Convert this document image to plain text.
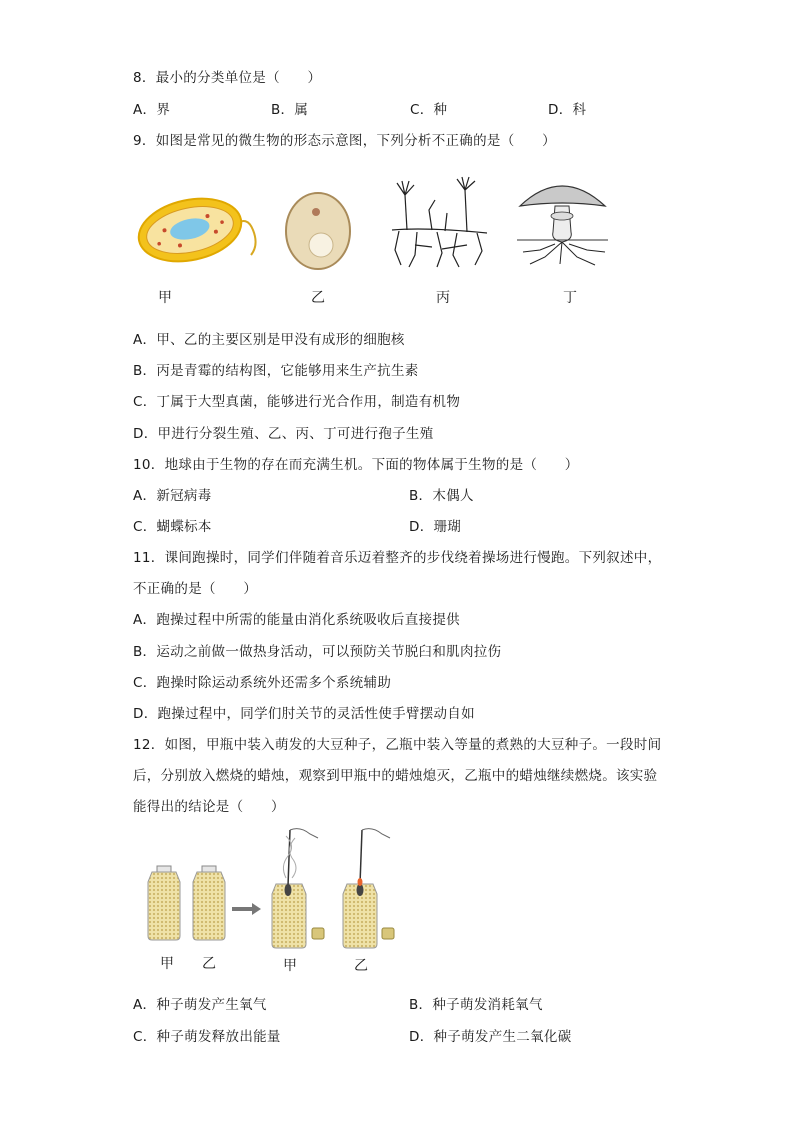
8．最小的分类单位是（　　）
A．界	B．属	C．种	D．科
9．如图是常见的微生物的形态示意图，下列分析不正确的是（　　）
甲	乙	丙	丁
A．甲、乙的主要区别是甲没有成形的细胞核
B．丙是青霉的结构图，它能够用来生产抗生素
C．丁属于大型真菌，能够进行光合作用，制造有机物
D．甲进行分裂生殖、乙、丙、丁可进行孢子生殖
10．地球由于生物的存在而充满生机。下面的物体属于生物的是（　　）
A．新冠病毒	B．木偶人
C．蝴蝶标本	D．珊瑚
11．课间跑操时，同学们伴随着音乐迈着整齐的步伐绕着操场进行慢跑。下列叙述中，
不正确的是（　　）
A．跑操过程中所需的能量由消化系统吸收后直接提供
B．运动之前做一做热身活动，可以预防关节脱臼和肌肉拉伤
C．跑操时除运动系统外还需多个系统辅助
D．跑操过程中，同学们肘关节的灵活性使手臂摆动自如
12．如图，甲瓶中装入萌发的大豆种子，乙瓶中装入等量的煮熟的大豆种子。一段时间
后，分别放入燃烧的蜡烛，观察到甲瓶中的蜡烛熄灭，乙瓶中的蜡烛继续燃烧。该实验
能得出的结论是（　　）
甲 乙	甲	乙
A．种子萌发产生氧气	B．种子萌发消耗氧气
C．种子萌发释放出能量	D．种子萌发产生二氧化碳
